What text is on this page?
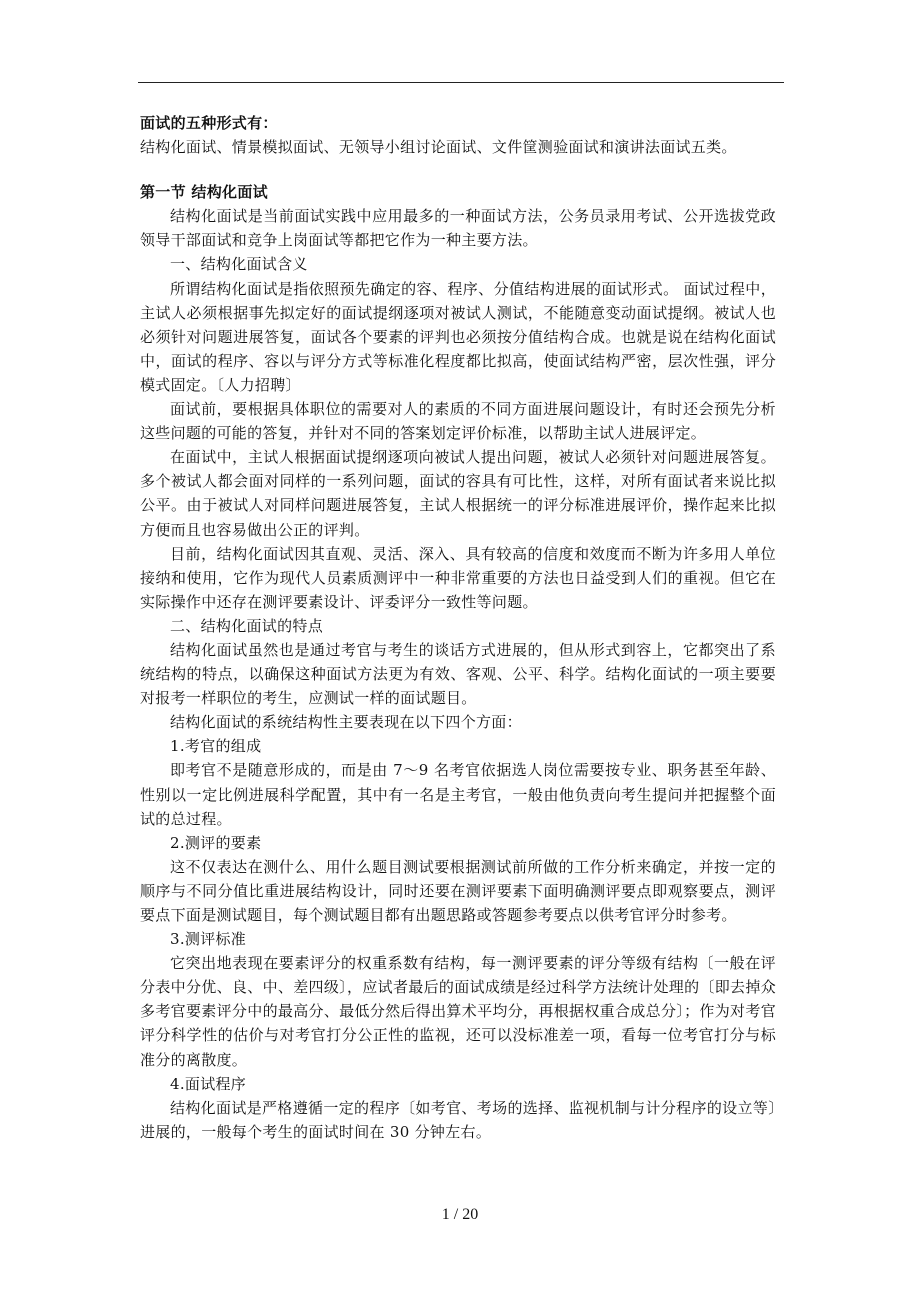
面试的五种形式有：

结构化面试、情景模拟面试、无领导小组讨论面试、文件筐测验面试和演讲法面试五类。

第一节 结构化面试

结构化面试是当前面试实践中应用最多的一种面试方法，公务员录用考试、公开选拔党政领导干部面试和竞争上岗面试等都把它作为一种主要方法。

一、结构化面试含义

所谓结构化面试是指依照预先确定的容、程序、分值结构进展的面试形式。 面试过程中，主试人必须根据事先拟定好的面试提纲逐项对被试人测试，不能随意变动面试提纲。被试人也必须针对问题进展答复，面试各个要素的评判也必须按分值结构合成。也就是说在结构化面试中，面试的程序、容以与评分方式等标准化程度都比拟高，使面试结构严密，层次性强，评分模式固定。〔人力招聘〕

面试前，要根据具体职位的需要对人的素质的不同方面进展问题设计，有时还会预先分析这些问题的可能的答复，并针对不同的答案划定评价标准，以帮助主试人进展评定。

在面试中，主试人根据面试提纲逐项向被试人提出问题，被试人必须针对问题进展答复。多个被试人都会面对同样的一系列问题，面试的容具有可比性，这样，对所有面试者来说比拟公平。由于被试人对同样问题进展答复，主试人根据统一的评分标准进展评价，操作起来比拟方便而且也容易做出公正的评判。

目前，结构化面试因其直观、灵活、深入、具有较高的信度和效度而不断为许多用人单位接纳和使用，它作为现代人员素质测评中一种非常重要的方法也日益受到人们的重视。但它在实际操作中还存在测评要素设计、评委评分一致性等问题。

二、结构化面试的特点

结构化面试虽然也是通过考官与考生的谈话方式进展的，但从形式到容上，它都突出了系统结构的特点，以确保这种面试方法更为有效、客观、公平、科学。结构化面试的一项主要要对报考一样职位的考生，应测试一样的面试题目。

结构化面试的系统结构性主要表现在以下四个方面：

1.考官的组成

即考官不是随意形成的，而是由 7～9 名考官依据选人岗位需要按专业、职务甚至年龄、性别以一定比例进展科学配置，其中有一名是主考官，一般由他负责向考生提问并把握整个面试的总过程。

2.测评的要素

这不仅表达在测什么、用什么题目测试要根据测试前所做的工作分析来确定，并按一定的顺序与不同分值比重进展结构设计，同时还要在测评要素下面明确测评要点即观察要点，测评要点下面是测试题目，每个测试题目都有出题思路或答题参考要点以供考官评分时参考。

3.测评标准

它突出地表现在要素评分的权重系数有结构，每一测评要素的评分等级有结构〔一般在评分表中分优、良、中、差四级〕，应试者最后的面试成绩是经过科学方法统计处理的〔即去掉众多考官要素评分中的最高分、最低分然后得出算术平均分，再根据权重合成总分〕；作为对考官评分科学性的估价与对考官打分公正性的监视，还可以没标准差一项，看每一位考官打分与标准分的离散度。

4.面试程序

结构化面试是严格遵循一定的程序〔如考官、考场的选择、监视机制与计分程序的设立等〕进展的，一般每个考生的面试时间在 30 分钟左右。

1 / 20
